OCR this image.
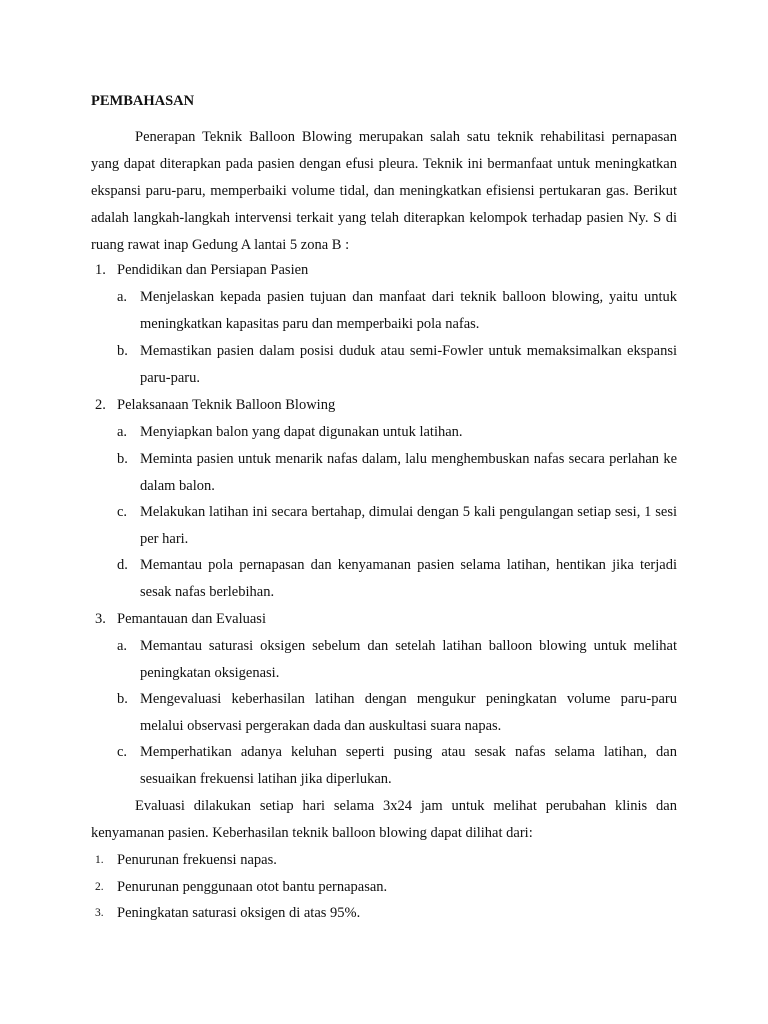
PEMBAHASAN
Penerapan Teknik Balloon Blowing merupakan salah satu teknik rehabilitasi pernapasan yang dapat diterapkan pada pasien dengan efusi pleura. Teknik ini bermanfaat untuk meningkatkan ekspansi paru-paru, memperbaiki volume tidal, dan meningkatkan efisiensi pertukaran gas. Berikut adalah langkah-langkah intervensi terkait yang telah diterapkan kelompok terhadap pasien Ny. S di ruang rawat inap Gedung A lantai 5 zona B :
1. Pendidikan dan Persiapan Pasien
a. Menjelaskan kepada pasien tujuan dan manfaat dari teknik balloon blowing, yaitu untuk meningkatkan kapasitas paru dan memperbaiki pola nafas.
b. Memastikan pasien dalam posisi duduk atau semi-Fowler untuk memaksimalkan ekspansi paru-paru.
2. Pelaksanaan Teknik Balloon Blowing
a. Menyiapkan balon yang dapat digunakan untuk latihan.
b. Meminta pasien untuk menarik nafas dalam, lalu menghembuskan nafas secara perlahan ke dalam balon.
c. Melakukan latihan ini secara bertahap, dimulai dengan 5 kali pengulangan setiap sesi, 1 sesi per hari.
d. Memantau pola pernapasan dan kenyamanan pasien selama latihan, hentikan jika terjadi sesak nafas berlebihan.
3. Pemantauan dan Evaluasi
a. Memantau saturasi oksigen sebelum dan setelah latihan balloon blowing untuk melihat peningkatan oksigenasi.
b. Mengevaluasi keberhasilan latihan dengan mengukur peningkatan volume paru-paru melalui observasi pergerakan dada dan auskultasi suara napas.
c. Memperhatikan adanya keluhan seperti pusing atau sesak nafas selama latihan, dan sesuaikan frekuensi latihan jika diperlukan.
Evaluasi dilakukan setiap hari selama 3x24 jam untuk melihat perubahan klinis dan kenyamanan pasien. Keberhasilan teknik balloon blowing dapat dilihat dari:
1. Penurunan frekuensi napas.
2. Penurunan penggunaan otot bantu pernapasan.
3. Peningkatan saturasi oksigen di atas 95%.
